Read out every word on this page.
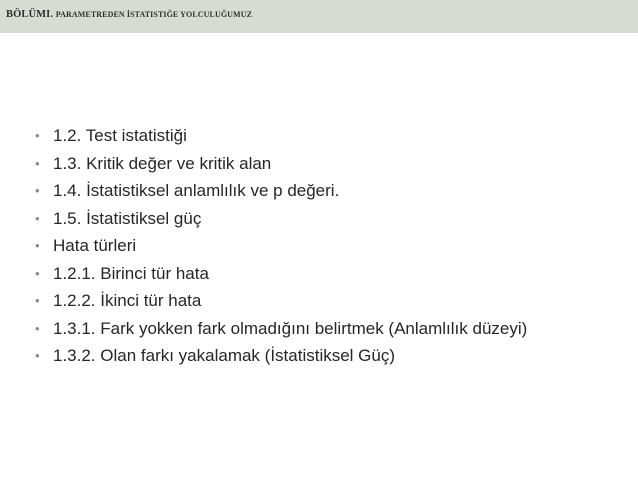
BÖLÜMI. PARAMETREDEN İSTATISTIĞE YOLCULUĞUMUZ
• 1.2. Test istatistiği
• 1.3. Kritik değer ve kritik alan
• 1.4. İstatistiksel anlamlılık ve p değeri.
• 1.5. İstatistiksel güç
• Hata türleri
• 1.2.1. Birinci tür hata
• 1.2.2. İkinci tür hata
• 1.3.1. Fark yokken fark olmadığını belirtmek (Anlamlılık düzeyi)
• 1.3.2. Olan farkı yakalamak (İstatistiksel Güç)
